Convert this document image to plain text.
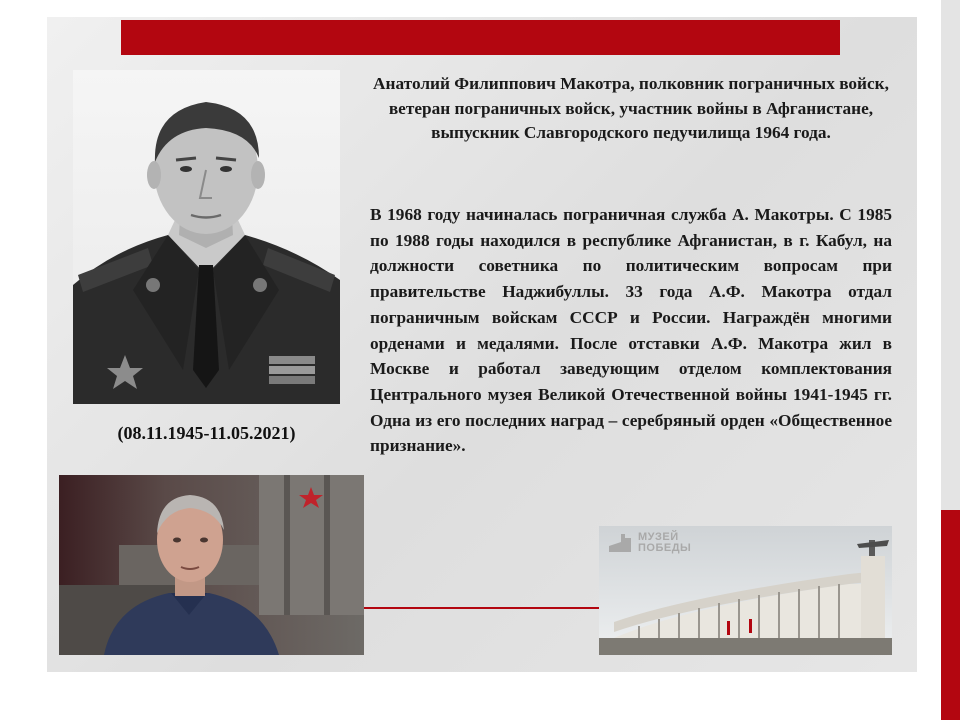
(08.11.1945-11.05.2021)
Анатолий Филиппович Макотра, полковник пограничных войск, ветеран пограничных войск, участник войны в Афганистане, выпускник Славгородского педучилища 1964 года.
В 1968 году начиналась пограничная служба А. Макотры. С 1985 по 1988 годы находился в республике Афганистан, в г. Кабул, на должности советника по политическим вопросам при правительстве Наджибуллы. 33 года А.Ф. Макотра отдал пограничным войскам СССР и России. Награждён многими орденами и медалями. После отставки А.Ф. Макотра жил в Москве и работал заведующим отделом комплектования Центрального музея Великой Отечественной войны 1941-1945 гг. Одна из его последних наград – серебряный орден «Общественное признание».
МУЗЕЙ
ПОБЕДЫ
